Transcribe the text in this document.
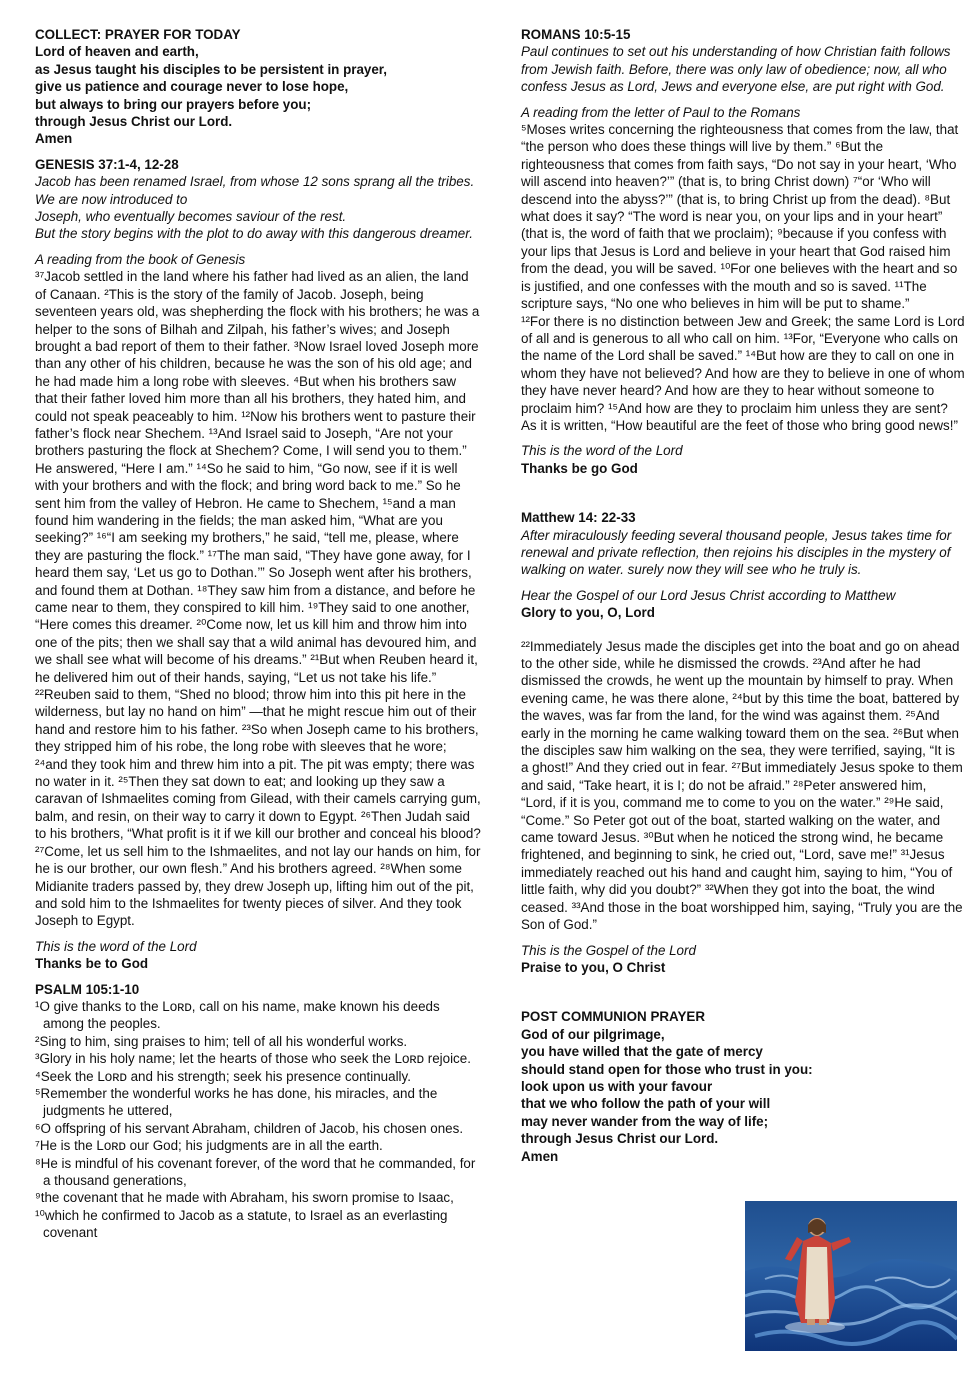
COLLECT: PRAYER FOR TODAY

Lord of heaven and earth,

as Jesus taught his disciples to be persistent in prayer,

give us patience and courage never to lose hope,

but always to bring our prayers before you;

through Jesus Christ our Lord.

Amen

GENESIS 37:1-4, 12-28

Jacob has been renamed Israel, from whose 12 sons sprang all the tribes. We are now introduced to

Joseph, who eventually becomes saviour of the rest.

But the story begins with the plot to do away with this dangerous dreamer.

A reading from the book of Genesis

³⁷Jacob settled in the land where his father had lived as an alien, the land of Canaan. ²This is the story of the family of Jacob. Joseph, being seventeen years old, was shepherding the flock with his brothers; he was a helper to the sons of Bilhah and Zilpah, his father’s wives; and Joseph brought a bad report of them to their father. ³Now Israel loved Joseph more than any other of his children, because he was the son of his old age; and he had made him a long robe with sleeves. ⁴But when his brothers saw that their father loved him more than all his brothers, they hated him, and could not speak peaceably to him. ¹²Now his brothers went to pasture their father’s flock near Shechem. ¹³And Israel said to Joseph, “Are not your brothers pasturing the flock at Shechem? Come, I will send you to them.” He answered, “Here I am.” ¹⁴So he said to him, “Go now, see if it is well with your brothers and with the flock; and bring word back to me.” So he sent him from the valley of Hebron. He came to Shechem, ¹⁵and a man found him wandering in the fields; the man asked him, “What are you seeking?” ¹⁶“I am seeking my brothers,” he said, “tell me, please, where they are pasturing the flock.” ¹⁷The man said, “They have gone away, for I heard them say, ‘Let us go to Dothan.’” So Joseph went after his brothers, and found them at Dothan. ¹⁸They saw him from a distance, and before he came near to them, they conspired to kill him. ¹⁹They said to one another, “Here comes this dreamer. ²⁰Come now, let us kill him and throw him into one of the pits; then we shall say that a wild animal has devoured him, and we shall see what will become of his dreams.” ²¹But when Reuben heard it, he delivered him out of their hands, saying, “Let us not take his life.” ²²Reuben said to them, “Shed no blood; throw him into this pit here in the wilderness, but lay no hand on him” —that he might rescue him out of their hand and restore him to his father. ²³So when Joseph came to his brothers, they stripped him of his robe, the long robe with sleeves that he wore; ²⁴and they took him and threw him into a pit. The pit was empty; there was no water in it. ²⁵Then they sat down to eat; and looking up they saw a caravan of Ishmaelites coming from Gilead, with their camels carrying gum, balm, and resin, on their way to carry it down to Egypt. ²⁶Then Judah said to his brothers, “What profit is it if we kill our brother and conceal his blood? ²⁷Come, let us sell him to the Ishmaelites, and not lay our hands on him, for he is our brother, our own flesh.” And his brothers agreed. ²⁸When some Midianite traders passed by, they drew Joseph up, lifting him out of the pit, and sold him to the Ishmaelites for twenty pieces of silver. And they took Joseph to Egypt.

This is the word of the Lord

Thanks be to God

PSALM 105:1-10

¹O give thanks to the Lᴏʀᴅ, call on his name, make known his deeds among the peoples.

²Sing to him, sing praises to him; tell of all his wonderful works.

³Glory in his holy name; let the hearts of those who seek the Lᴏʀᴅ rejoice.

⁴Seek the Lᴏʀᴅ and his strength; seek his presence continually.

⁵Remember the wonderful works he has done, his miracles, and the judgments he uttered,

⁶O offspring of his servant Abraham, children of Jacob, his chosen ones.

⁷He is the Lᴏʀᴅ our God; his judgments are in all the earth.

⁸He is mindful of his covenant forever, of the word that he commanded, for a thousand generations,

⁹the covenant that he made with Abraham, his sworn promise to Isaac,

¹⁰which he confirmed to Jacob as a statute, to Israel as an everlasting covenant

ROMANS 10:5-15

Paul continues to set out his understanding of how Christian faith follows from Jewish faith. Before, there was only law of obedience; now, all who confess Jesus as Lord, Jews and everyone else, are put right with God.

A reading from the letter of Paul to the Romans

⁵Moses writes concerning the righteousness that comes from the law, that “the person who does these things will live by them.” ⁶But the righteousness that comes from faith says, “Do not say in your heart, ‘Who will ascend into heaven?’” (that is, to bring Christ down) ⁷“or ‘Who will descend into the abyss?’” (that is, to bring Christ up from the dead). ⁸But what does it say? “The word is near you, on your lips and in your heart” (that is, the word of faith that we proclaim); ⁹because if you confess with your lips that Jesus is Lord and believe in your heart that God raised him from the dead, you will be saved. ¹⁰For one believes with the heart and so is justified, and one confesses with the mouth and so is saved. ¹¹The scripture says, “No one who believes in him will be put to shame.”

¹²For there is no distinction between Jew and Greek; the same Lord is Lord of all and is generous to all who call on him. ¹³For, “Everyone who calls on the name of the Lord shall be saved.” ¹⁴But how are they to call on one in whom they have not believed? And how are they to believe in one of whom they have never heard? And how are they to hear without someone to proclaim him? ¹⁵And how are they to proclaim him unless they are sent? As it is written, “How beautiful are the feet of those who bring good news!”

This is the word of the Lord

Thanks be go God

Matthew 14: 22-33

After miraculously feeding several thousand people, Jesus takes time for renewal and private reflection, then rejoins his disciples in the mystery of walking on water. surely now they will see who he truly is.

Hear the Gospel of our Lord Jesus Christ according to Matthew

Glory to you, O, Lord

²²Immediately Jesus made the disciples get into the boat and go on ahead to the other side, while he dismissed the crowds. ²³And after he had dismissed the crowds, he went up the mountain by himself to pray. When evening came, he was there alone, ²⁴but by this time the boat, battered by the waves, was far from the land, for the wind was against them. ²⁵And early in the morning he came walking toward them on the sea. ²⁶But when the disciples saw him walking on the sea, they were terrified, saying, “It is a ghost!” And they cried out in fear. ²⁷But immediately Jesus spoke to them and said, “Take heart, it is I; do not be afraid.” ²⁸Peter answered him, “Lord, if it is you, command me to come to you on the water.” ²⁹He said, “Come.” So Peter got out of the boat, started walking on the water, and came toward Jesus. ³⁰But when he noticed the strong wind, he became frightened, and beginning to sink, he cried out, “Lord, save me!” ³¹Jesus immediately reached out his hand and caught him, saying to him, “You of little faith, why did you doubt?” ³²When they got into the boat, the wind ceased. ³³And those in the boat worshipped him, saying, “Truly you are the Son of God.”

This is the Gospel of the Lord

Praise to you, O Christ

POST COMMUNION PRAYER

God of our pilgrimage,

you have willed that the gate of mercy

should stand open for those who trust in you:

look upon us with your favour

that we who follow the path of your will

may never wander from the way of life;

through Jesus Christ our Lord.

Amen
